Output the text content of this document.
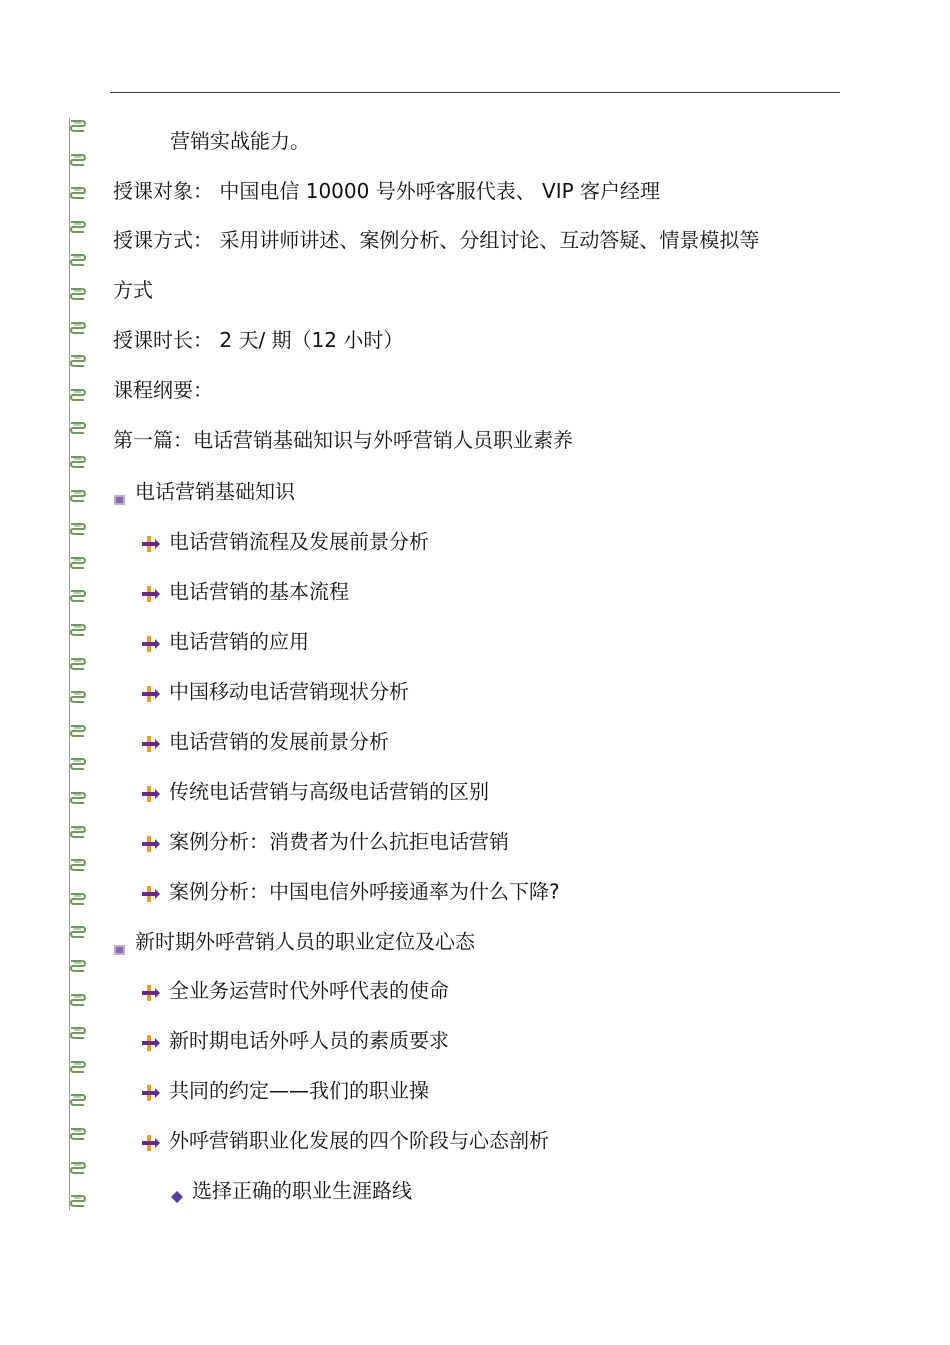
营销实战能力。
授课对象： 中国电信 10000 号外呼客服代表、 VIP 客户经理
授课方式： 采用讲师讲述、案例分析、分组讨论、互动答疑、情景模拟等
方式
授课时长： 2 天/ 期（12 小时）
课程纲要：
第一篇：电话营销基础知识与外呼营销人员职业素养
电话营销基础知识
电话营销流程及发展前景分析
电话营销的基本流程
电话营销的应用
中国移动电话营销现状分析
电话营销的发展前景分析
传统电话营销与高级电话营销的区别
案例分析：消费者为什么抗拒电话营销
案例分析：中国电信外呼接通率为什么下降?
新时期外呼营销人员的职业定位及心态
全业务运营时代外呼代表的使命
新时期电话外呼人员的素质要求
共同的约定——我们的职业操
外呼营销职业化发展的四个阶段与心态剖析
选择正确的职业生涯路线
